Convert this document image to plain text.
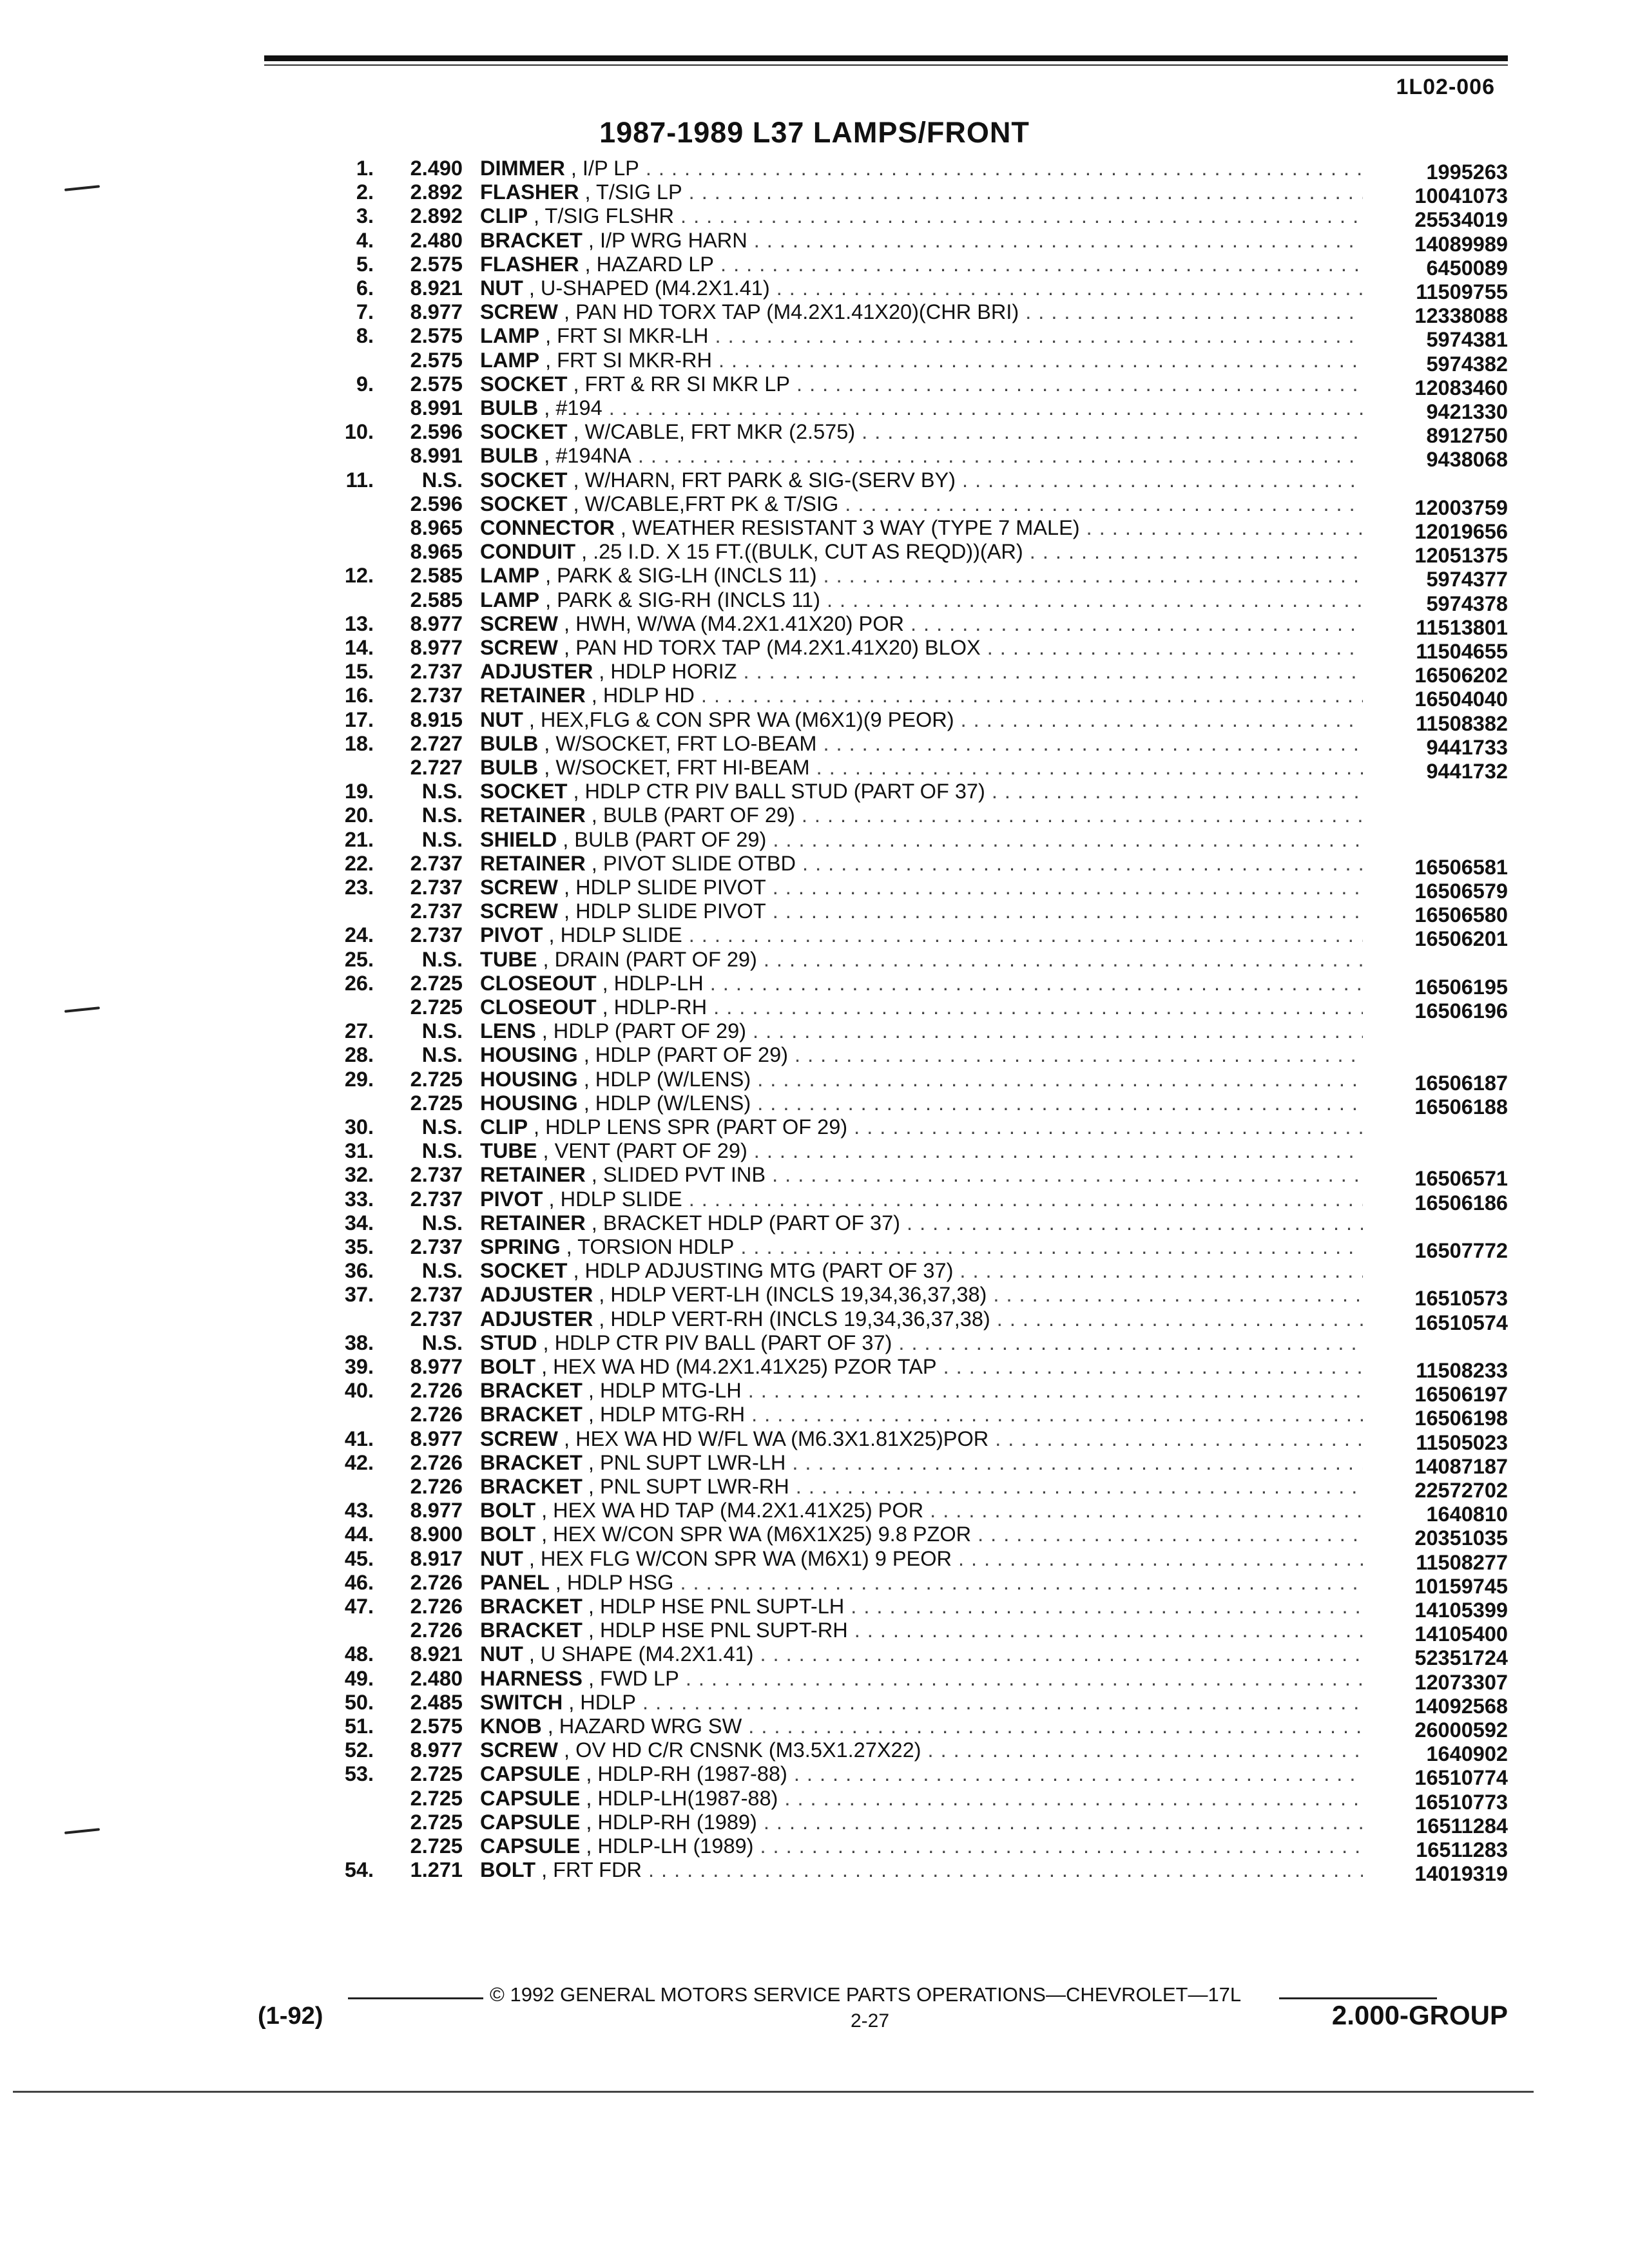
1L02-006
1987-1989 L37 LAMPS/FRONT
1.	2.490 DIMMER , I/P LP . . .	1995263
2.	2.892 FLASHER , T/SIG LP . . .	10041073
3.	2.892 CLIP , T/SIG FLSHR . . .	25534019
4.	2.480 BRACKET , I/P WRG HARN . . .	14089989
5.	2.575 FLASHER , HAZARD LP . . .	6450089
6.	8.921 NUT , U-SHAPED (M4.2X1.41) . . .	11509755
7.	8.977 SCREW , PAN HD TORX TAP (M4.2X1.41X20)(CHR BRI) . . .	12338088
8.	2.575 LAMP , FRT SI MKR-LH . . .	5974381
2.575 LAMP , FRT SI MKR-RH . . .	5974382
9.	2.575 SOCKET , FRT & RR SI MKR LP . . .	12083460
8.991 BULB , #194 . . .	9421330
10.	2.596 SOCKET , W/CABLE, FRT MKR (2.575) . . .	8912750
8.991 BULB , #194NA . . .	9438068
11.	N.S. SOCKET , W/HARN, FRT PARK & SIG-(SERV BY) . . .
2.596 SOCKET , W/CABLE,FRT PK & T/SIG . . .	12003759
8.965 CONNECTOR , WEATHER RESISTANT 3 WAY (TYPE 7 MALE) . . .	12019656
8.965 CONDUIT , .25 I.D. X 15 FT.((BULK, CUT AS REQD))(AR) . . .	12051375
12.	2.585 LAMP , PARK & SIG-LH (INCLS 11) . . .	5974377
2.585 LAMP , PARK & SIG-RH (INCLS 11) . . .	5974378
13.	8.977 SCREW , HWH, W/WA (M4.2X1.41X20) POR . . .	11513801
14.	8.977 SCREW , PAN HD TORX TAP (M4.2X1.41X20) BLOX . . .	11504655
15.	2.737 ADJUSTER , HDLP HORIZ . . .	16506202
16.	2.737 RETAINER , HDLP HD . . .	16504040
17.	8.915 NUT , HEX,FLG & CON SPR WA (M6X1)(9 PEOR) . . .	11508382
18.	2.727 BULB , W/SOCKET, FRT LO-BEAM . . .	9441733
2.727 BULB , W/SOCKET, FRT HI-BEAM . . .	9441732
19.	N.S. SOCKET , HDLP CTR PIV BALL STUD (PART OF 37) . . .
20.	N.S. RETAINER , BULB (PART OF 29) . . .
21.	N.S. SHIELD , BULB (PART OF 29) . . .
22.	2.737 RETAINER , PIVOT SLIDE OTBD . . .	16506581
23.	2.737 SCREW , HDLP SLIDE PIVOT . . .	16506579
2.737 SCREW , HDLP SLIDE PIVOT . . .	16506580
24.	2.737 PIVOT , HDLP SLIDE . . .	16506201
25.	N.S. TUBE , DRAIN (PART OF 29) . . .
26.	2.725 CLOSEOUT , HDLP-LH . . .	16506195
2.725 CLOSEOUT , HDLP-RH . . .	16506196
27.	N.S. LENS , HDLP (PART OF 29) . . .
28.	N.S. HOUSING , HDLP (PART OF 29) . . .
29.	2.725 HOUSING , HDLP (W/LENS) . . .	16506187
2.725 HOUSING , HDLP (W/LENS) . . .	16506188
30.	N.S. CLIP , HDLP LENS SPR (PART OF 29) . . .
31.	N.S. TUBE , VENT (PART OF 29) . . .
32.	2.737 RETAINER , SLIDED PVT INB . . .	16506571
33.	2.737 PIVOT , HDLP SLIDE . . .	16506186
34.	N.S. RETAINER , BRACKET HDLP (PART OF 37) . . .
35.	2.737 SPRING , TORSION HDLP . . .	16507772
36.	N.S. SOCKET , HDLP ADJUSTING MTG (PART OF 37) . . .
37.	2.737 ADJUSTER , HDLP VERT-LH (INCLS 19,34,36,37,38) . . .	16510573
2.737 ADJUSTER , HDLP VERT-RH (INCLS 19,34,36,37,38) . . .	16510574
38.	N.S. STUD , HDLP CTR PIV BALL (PART OF 37) . . .
39.	8.977 BOLT , HEX WA HD (M4.2X1.41X25) PZOR TAP . . .	11508233
40.	2.726 BRACKET , HDLP MTG-LH . . .	16506197
2.726 BRACKET , HDLP MTG-RH . . .	16506198
41.	8.977 SCREW , HEX WA HD W/FL WA (M6.3X1.81X25)POR . . .	11505023
42.	2.726 BRACKET , PNL SUPT LWR-LH . . .	14087187
2.726 BRACKET , PNL SUPT LWR-RH . . .	22572702
43.	8.977 BOLT , HEX WA HD TAP (M4.2X1.41X25) POR . . .	1640810
44.	8.900 BOLT , HEX W/CON SPR WA (M6X1X25) 9.8 PZOR . . .	20351035
45.	8.917 NUT , HEX FLG W/CON SPR WA (M6X1) 9 PEOR . . .	11508277
46.	2.726 PANEL , HDLP HSG . . .	10159745
47.	2.726 BRACKET , HDLP HSE PNL SUPT-LH . . .	14105399
2.726 BRACKET , HDLP HSE PNL SUPT-RH . . .	14105400
48.	8.921 NUT , U SHAPE (M4.2X1.41) . . .	52351724
49.	2.480 HARNESS , FWD LP . . .	12073307
50.	2.485 SWITCH , HDLP . . .	14092568
51.	2.575 KNOB , HAZARD WRG SW . . .	26000592
52.	8.977 SCREW , OV HD C/R CNSNK (M3.5X1.27X22) . . .	1640902
53.	2.725 CAPSULE , HDLP-RH (1987-88) . . .	16510774
2.725 CAPSULE , HDLP-LH(1987-88) . . .	16510773
2.725 CAPSULE , HDLP-RH (1989) . . .	16511284
2.725 CAPSULE , HDLP-LH (1989) . . .	16511283
54.	1.271 BOLT , FRT FDR . . .	14019319
© 1992 GENERAL MOTORS SERVICE PARTS OPERATIONS—CHEVROLET—17L
(1-92)	2-27	2.000-GROUP
